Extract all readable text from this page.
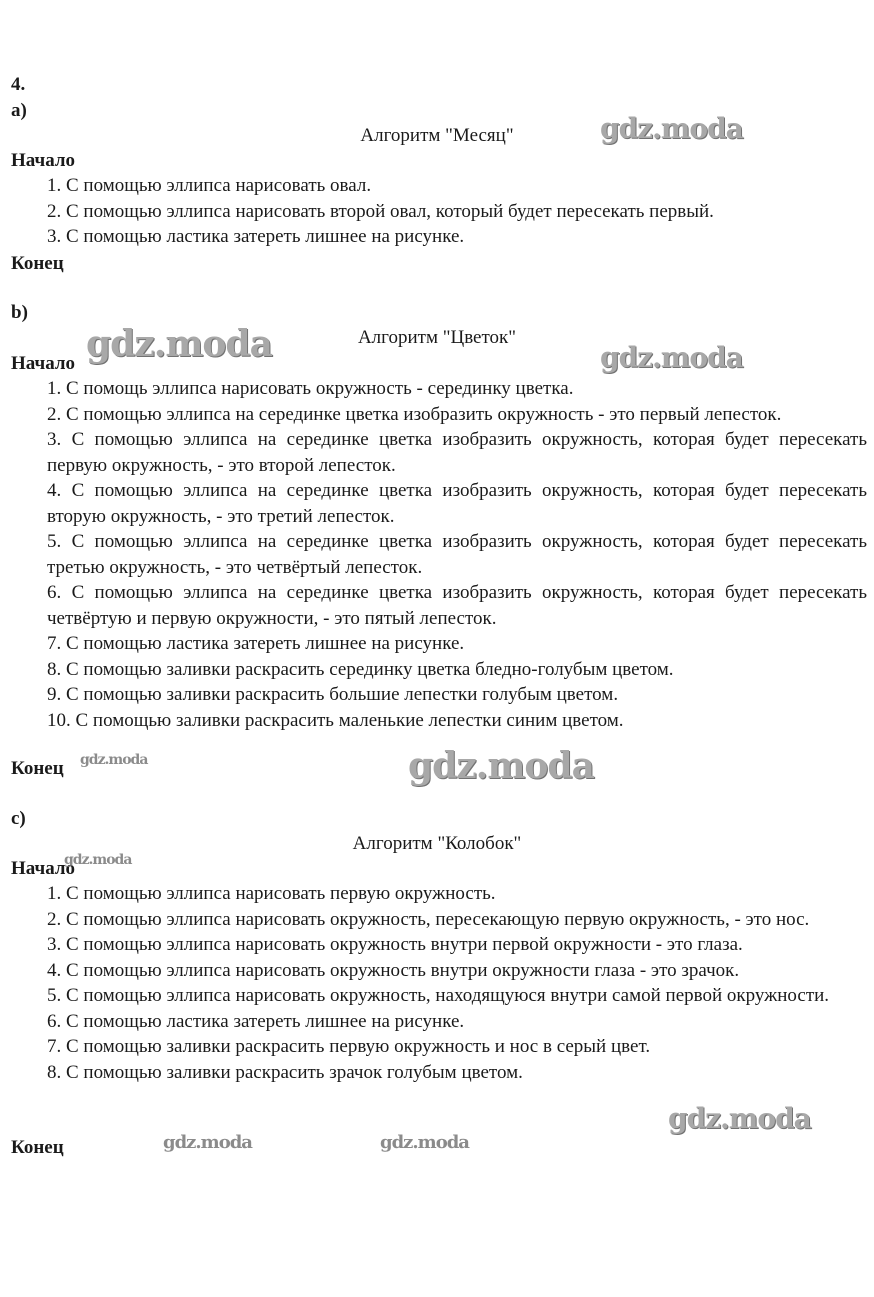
4.
a)
Алгоритм "Месяц"
Начало
1. С помощью эллипса нарисовать овал.
2. С помощью эллипса нарисовать второй овал, который будет пересекать первый.
3. С помощью ластика затереть лишнее на рисунке.
Конец
b)
Алгоритм "Цветок"
Начало
1. С помощь эллипса нарисовать окружность - серединку цветка.
2. С помощью эллипса на серединке цветка изобразить окружность - это первый лепесток.
3. С помощью эллипса на серединке цветка изобразить окружность, которая будет пересекать первую окружность, - это второй лепесток.
4. С помощью эллипса на серединке цветка изобразить окружность, которая будет пересекать вторую окружность, - это третий лепесток.
5. С помощью эллипса на серединке цветка изобразить окружность, которая будет пересекать третью окружность, - это четвёртый лепесток.
6. С помощью эллипса на серединке цветка изобразить окружность, которая будет пересекать четвёртую и первую окружности, - это пятый лепесток.
7. С помощью ластика затереть лишнее на рисунке.
8. С помощью заливки раскрасить серединку цветка бледно-голубым цветом.
9. С помощью заливки раскрасить большие лепестки голубым цветом.
10. С помощью заливки раскрасить маленькие лепестки синим цветом.
Конец
c)
Алгоритм "Колобок"
Начало
1. С помощью эллипса нарисовать первую окружность.
2. С помощью эллипса нарисовать окружность, пересекающую первую окружность, - это нос.
3. С помощью эллипса нарисовать окружность внутри первой окружности - это глаза.
4. С помощью эллипса нарисовать окружность внутри окружности глаза - это зрачок.
5. С помощью эллипса нарисовать окружность, находящуюся внутри самой первой окружности.
6. С помощью ластика затереть лишнее на рисунке.
7. С помощью заливки раскрасить первую окружность и нос в серый цвет.
8. С помощью заливки раскрасить зрачок голубым цветом.
Конец
gdz.moda
gdz.moda	gdz.moda
gdz.moda	gdz.moda
gdz.moda
gdz.moda
gdz.moda	gdz.moda
